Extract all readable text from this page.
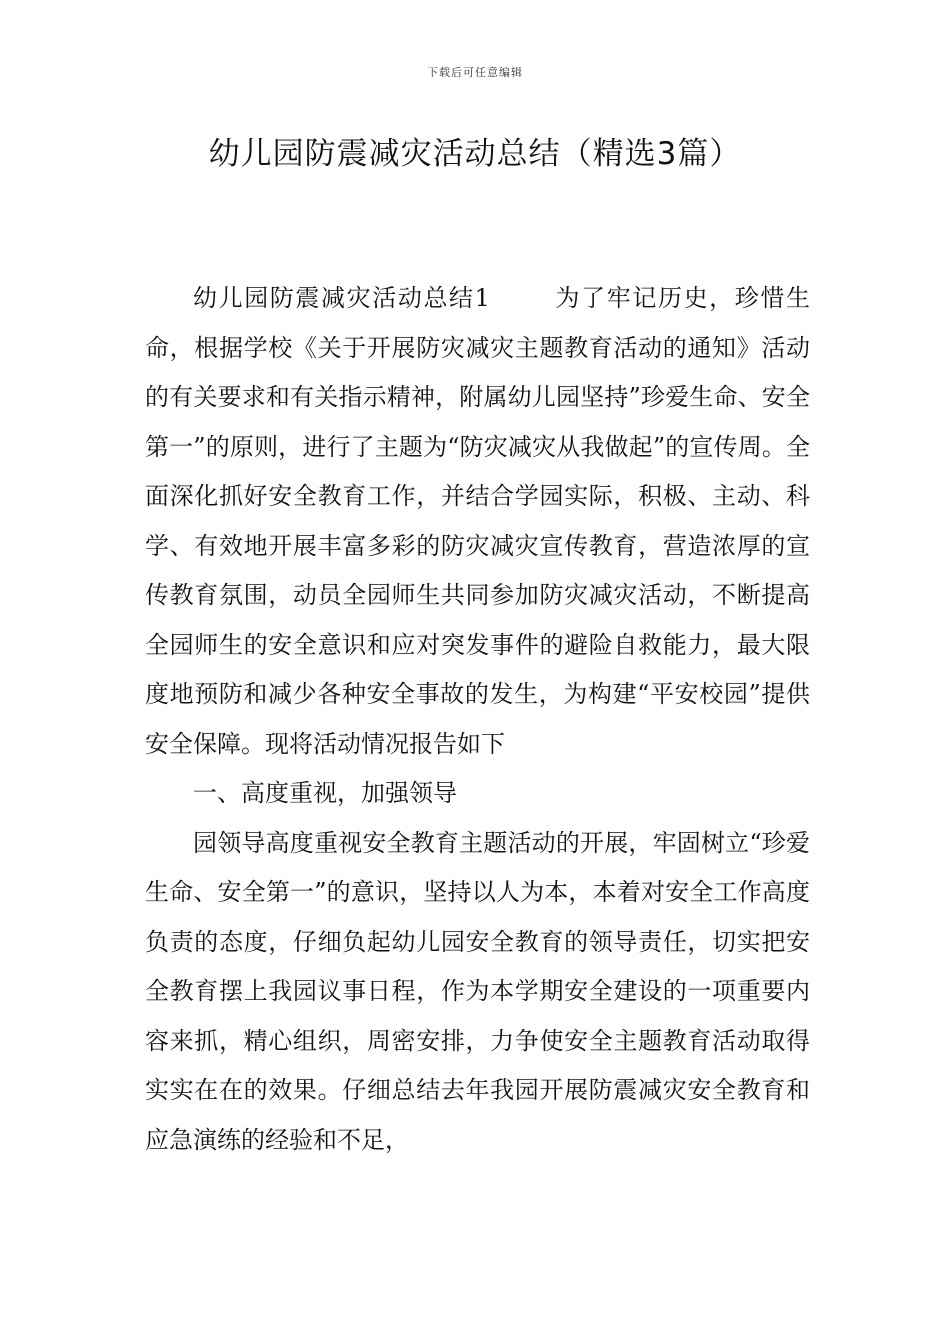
下载后可任意编辑
幼儿园防震减灾活动总结（精选3篇）

幼儿园防震减灾活动总结1	为了牢记历史，珍惜生命，根据学校《关于开展防灾减灾主题教育活动的通知》活动的有关要求和有关指示精神，附属幼儿园坚持”珍爱生命、安全第一”的原则，进行了主题为“防灾减灾从我做起”的宣传周。全面深化抓好安全教育工作，并结合学园实际，积极、主动、科学、有效地开展丰富多彩的防灾减灾宣传教育，营造浓厚的宣传教育氛围，动员全园师生共同参加防灾减灾活动，不断提高全园师生的安全意识和应对突发事件的避险自救能力，最大限度地预防和减少各种安全事故的发生，为构建“平安校园”提供安全保障。现将活动情况报告如下

一、高度重视，加强领导

园领导高度重视安全教育主题活动的开展，牢固树立“珍爱生命、安全第一”的意识，坚持以人为本，本着对安全工作高度负责的态度，仔细负起幼儿园安全教育的领导责任，切实把安全教育摆上我园议事日程，作为本学期安全建设的一项重要内容来抓，精心组织，周密安排，力争使安全主题教育活动取得实实在在的效果。仔细总结去年我园开展防震减灾安全教育和应急演练的经验和不足，
